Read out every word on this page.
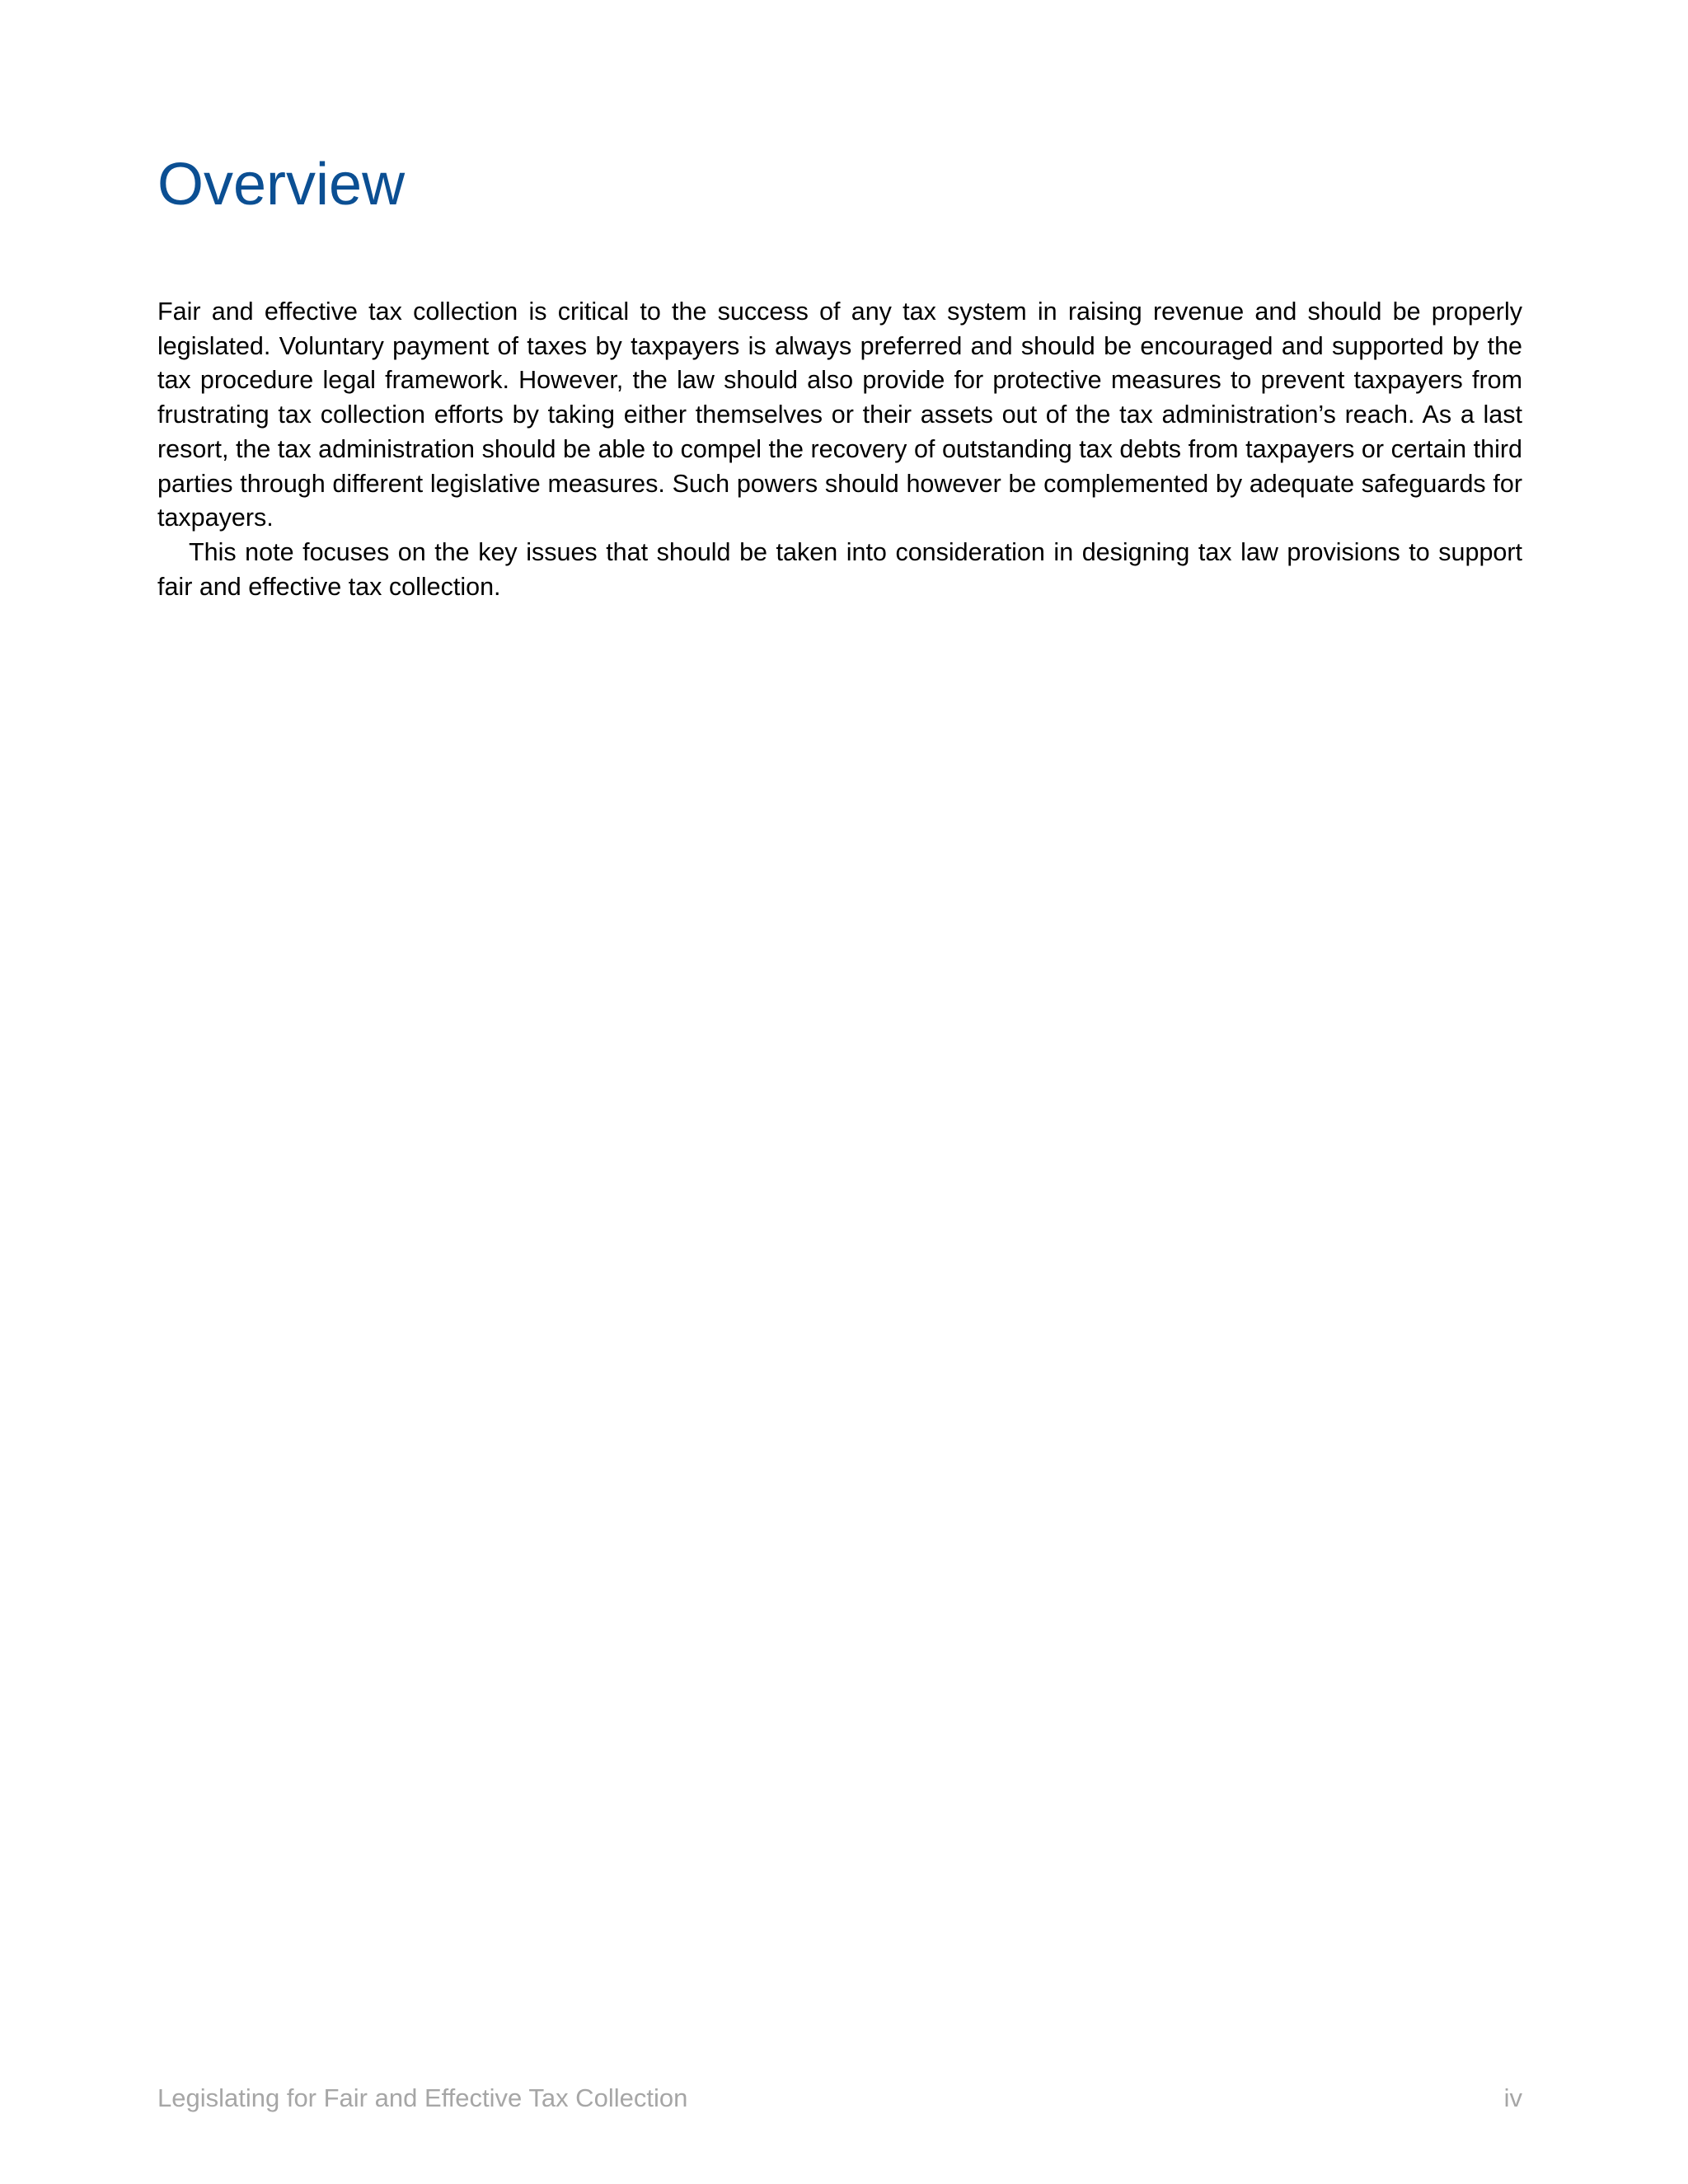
Overview

Fair and effective tax collection is critical to the success of any tax system in raising revenue and should be properly legislated. Voluntary payment of taxes by taxpayers is always preferred and should be encouraged and supported by the tax procedure legal framework. However, the law should also provide for protective measures to prevent taxpayers from frustrating tax collection efforts by taking either themselves or their assets out of the tax administration’s reach. As a last resort, the tax administration should be able to compel the recovery of outstanding tax debts from taxpayers or certain third parties through different legislative measures. Such powers should however be complemented by adequate safeguards for taxpayers.

This note focuses on the key issues that should be taken into consideration in designing tax law provisions to support fair and effective tax collection.

Legislating for Fair and Effective Tax Collection	iv
